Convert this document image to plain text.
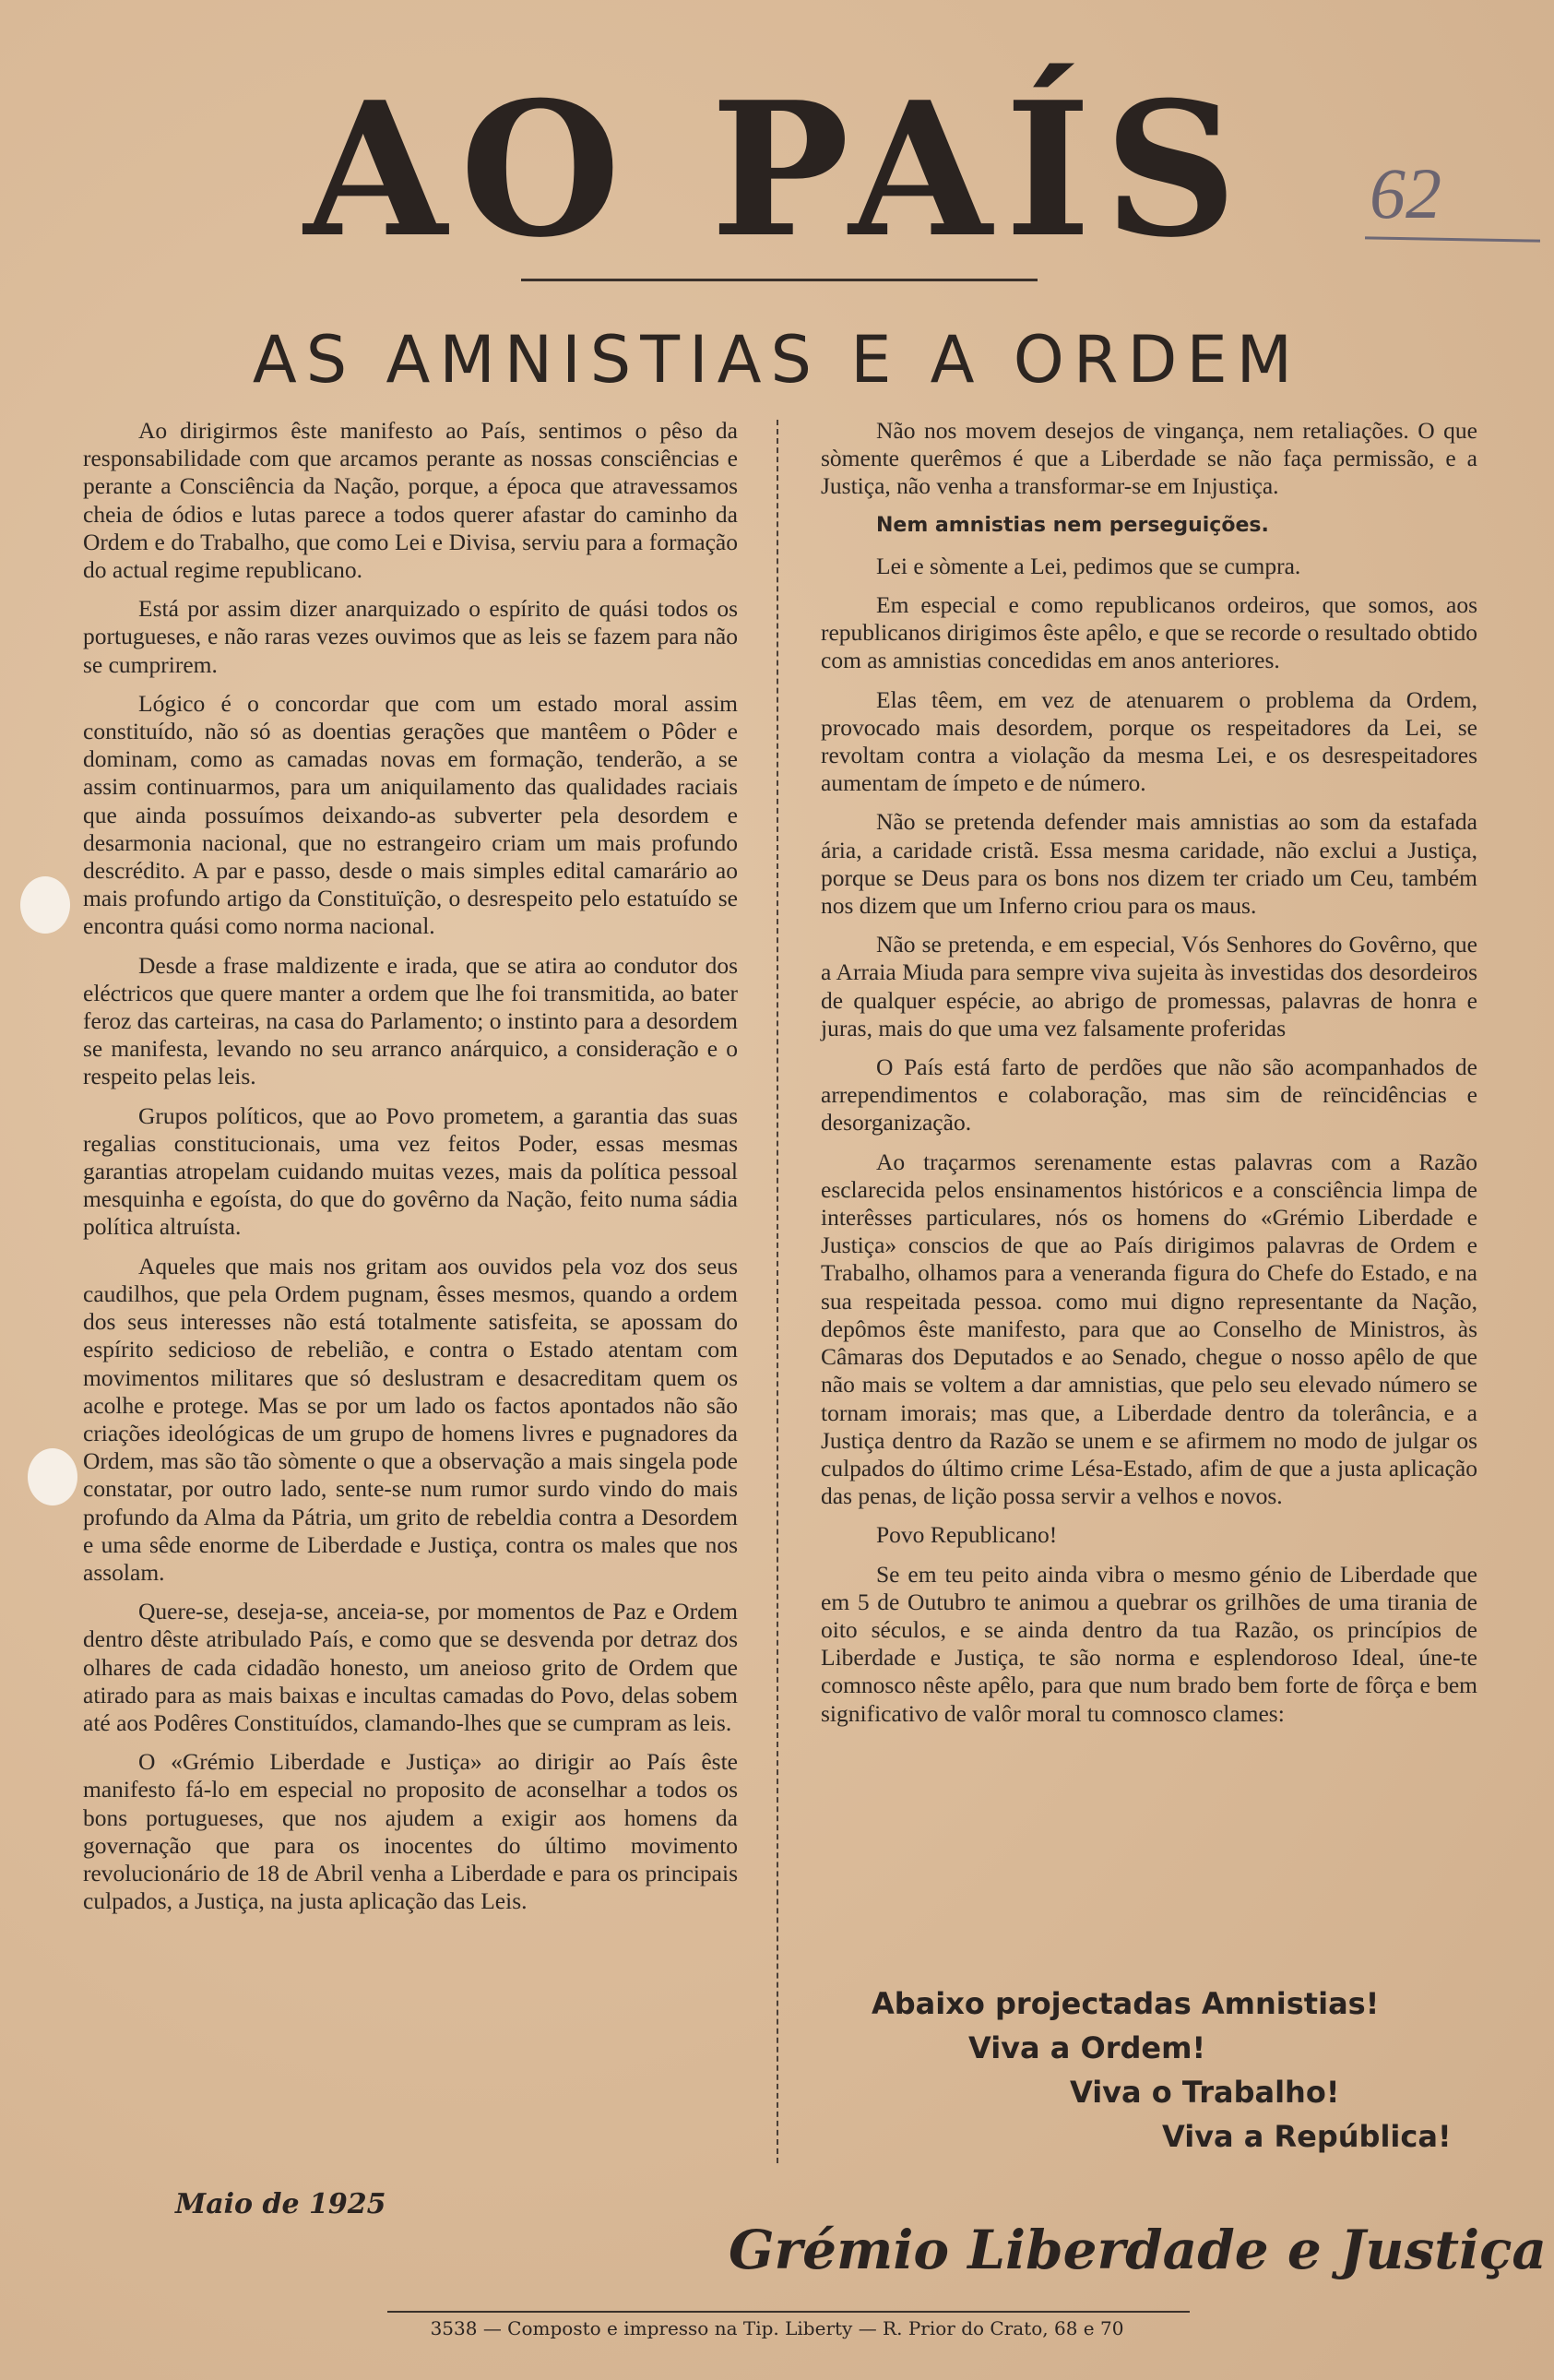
AO PAÍS	62
AS AMNISTIAS E A ORDEM

Ao dirigirmos êste manifesto ao País, sentimos o pêso da responsabilidade com que arcamos perante as nossas consciências e perante a Consciência da Nação, porque, a época que atravessamos cheia de ódios e lutas parece a todos querer afastar do caminho da Ordem e do Trabalho, que como Lei e Divisa, serviu para a formação do actual regime republicano.

Está por assim dizer anarquizado o espírito de quási todos os portugueses, e não raras vezes ouvimos que as leis se fazem para não se cumprirem.

Lógico é o concordar que com um estado moral assim constituído, não só as doentias gerações que mantêem o Pôder e dominam, como as camadas novas em formação, tenderão, a se assim continuarmos, para um aniquilamento das qualidades raciais que ainda possuímos deixando-as subverter pela desordem e desarmonia nacional, que no estrangeiro criam um mais profundo descrédito. A par e passo, desde o mais simples edital camarário ao mais profundo artigo da Constituïção, o desrespeito pelo estatuído se encontra quási como norma nacional.

Desde a frase maldizente e irada, que se atira ao condutor dos eléctricos que quere manter a ordem que lhe foi transmitida, ao bater feroz das carteiras, na casa do Parlamento; o instinto para a desordem se manifesta, levando no seu arranco anárquico, a consideração e o respeito pelas leis.

Grupos políticos, que ao Povo prometem, a garantia das suas regalias constitucionais, uma vez feitos Poder, essas mesmas garantias atropelam cuidando muitas vezes, mais da política pessoal mesquinha e egoísta, do que do govêrno da Nação, feito numa sádia política altruísta.

Aqueles que mais nos gritam aos ouvidos pela voz dos seus caudilhos, que pela Ordem pugnam, êsses mesmos, quando a ordem dos seus interesses não está totalmente satisfeita, se apossam do espírito sedicioso de rebelião, e contra o Estado atentam com movimentos militares que só deslustram e desacreditam quem os acolhe e protege. Mas se por um lado os factos apontados não são criações ideológicas de um grupo de homens livres e pugnadores da Ordem, mas são tão sòmente o que a observação a mais singela pode constatar, por outro lado, sente-se num rumor surdo vindo do mais profundo da Alma da Pátria, um grito de rebeldia contra a Desordem e uma sêde enorme de Liberdade e Justiça, contra os males que nos assolam.

Quere-se, deseja-se, anceia-se, por momentos de Paz e Ordem dentro dêste atribulado País, e como que se desvenda por detraz dos olhares de cada cidadão honesto, um aneioso grito de Ordem que atirado para as mais baixas e incultas camadas do Povo, delas sobem até aos Podêres Constituídos, clamando-lhes que se cumpram as leis.

O «Grémio Liberdade e Justiça» ao dirigir ao País êste manifesto fá-lo em especial no proposito de aconselhar a todos os bons portugueses, que nos ajudem a exigir aos homens da governação que para os inocentes do último movimento revolucionário de 18 de Abril venha a Liberdade e para os principais culpados, a Justiça, na justa aplicação das Leis.

Não nos movem desejos de vingança, nem retaliações. O que sòmente querêmos é que a Liberdade se não faça permissão, e a Justiça, não venha a transformar-se em Injustiça.

Nem amnistias nem perseguições.

Lei e sòmente a Lei, pedimos que se cumpra.

Em especial e como republicanos ordeiros, que somos, aos republicanos dirigimos êste apêlo, e que se recorde o resultado obtido com as amnistias concedidas em anos anteriores.

Elas têem, em vez de atenuarem o problema da Ordem, provocado mais desordem, porque os respeitadores da Lei, se revoltam contra a violação da mesma Lei, e os desrespeitadores aumentam de ímpeto e de número.

Não se pretenda defender mais amnistias ao som da estafada ária, a caridade cristã. Essa mesma caridade, não exclui a Justiça, porque se Deus para os bons nos dizem ter criado um Ceu, também nos dizem que um Inferno criou para os maus.

Não se pretenda, e em especial, Vós Senhores do Govêrno, que a Arraia Miuda para sempre viva sujeita às investidas dos desordeiros de qualquer espécie, ao abrigo de promessas, palavras de honra e juras, mais do que uma vez falsamente proferidas

O País está farto de perdões que não são acompanhados de arrependimentos e colaboração, mas sim de reïncidências e desorganização.

Ao traçarmos serenamente estas palavras com a Razão esclarecida pelos ensinamentos históricos e a consciência limpa de interêsses particulares, nós os homens do «Grémio Liberdade e Justiça» conscios de que ao País dirigimos palavras de Ordem e Trabalho, olhamos para a veneranda figura do Chefe do Estado, e na sua respeitada pessoa. como mui digno representante da Nação, depômos êste manifesto, para que ao Conselho de Ministros, às Câmaras dos Deputados e ao Senado, chegue o nosso apêlo de que não mais se voltem a dar amnistias, que pelo seu elevado número se tornam imorais; mas que, a Liberdade dentro da tolerância, e a Justiça dentro da Razão se unem e se afirmem no modo de julgar os culpados do último crime Lésa-Estado, afim de que a justa aplicação das penas, de lição possa servir a velhos e novos.

Povo Republicano!

Se em teu peito ainda vibra o mesmo génio de Liberdade que em 5 de Outubro te animou a quebrar os grilhões de uma tirania de oito séculos, e se ainda dentro da tua Razão, os princípios de Liberdade e Justiça, te são norma e esplendoroso Ideal, úne-te comnosco nêste apêlo, para que num brado bem forte de fôrça e bem significativo de valôr moral tu comnosco clames:

Abaixo projectadas Amnistias!
Viva a Ordem!
Viva o Trabalho!
Viva a República!
Maio de 1925
Grémio Liberdade e Justiça
3538 — Composto e impresso na Tip. Liberty — R. Prior do Crato, 68 e 70
